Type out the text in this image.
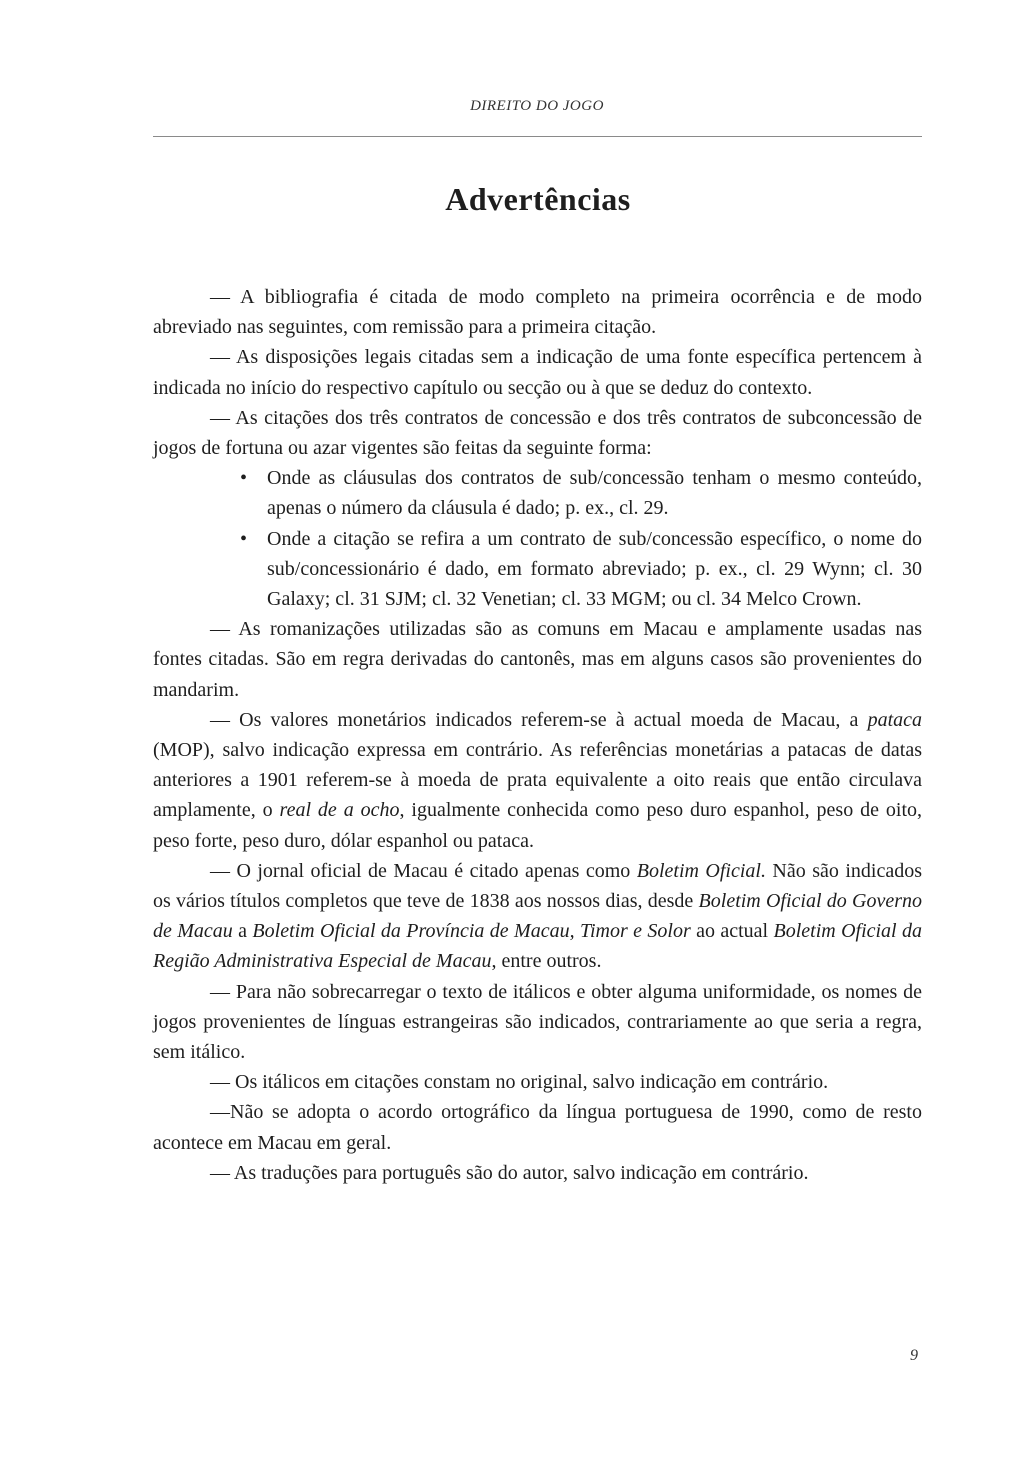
DIREITO DO JOGO
Advertências

— A bibliografia é citada de modo completo na primeira ocorrência e de modo abreviado nas seguintes, com remissão para a primeira citação.

— As disposições legais citadas sem a indicação de uma fonte específica pertencem à indicada no início do respectivo capítulo ou secção ou à que se deduz do contexto.

— As citações dos três contratos de concessão e dos três contratos de subconcessão de jogos de fortuna ou azar vigentes são feitas da seguinte forma:

• Onde as cláusulas dos contratos de sub/concessão tenham o mesmo conteúdo, apenas o número da cláusula é dado; p. ex., cl. 29.
• Onde a citação se refira a um contrato de sub/concessão específico, o nome do sub/concessionário é dado, em formato abreviado; p. ex., cl. 29 Wynn; cl. 30 Galaxy; cl. 31 SJM; cl. 32 Venetian; cl. 33 MGM; ou cl. 34 Melco Crown.

— As romanizações utilizadas são as comuns em Macau e amplamente usadas nas fontes citadas. São em regra derivadas do cantonês, mas em alguns casos são provenientes do mandarim.

— Os valores monetários indicados referem-se à actual moeda de Macau, a pataca (MOP), salvo indicação expressa em contrário. As referências monetárias a patacas de datas anteriores a 1901 referem-se à moeda de prata equivalente a oito reais que então circulava amplamente, o real de a ocho, igualmente conhecida como peso duro espanhol, peso de oito, peso forte, peso duro, dólar espanhol ou pataca.

— O jornal oficial de Macau é citado apenas como Boletim Oficial. Não são indicados os vários títulos completos que teve de 1838 aos nossos dias, desde Boletim Oficial do Governo de Macau a Boletim Oficial da Província de Macau, Timor e Solor ao actual Boletim Oficial da Região Administrativa Especial de Macau, entre outros.

— Para não sobrecarregar o texto de itálicos e obter alguma uniformidade, os nomes de jogos provenientes de línguas estrangeiras são indicados, contrariamente ao que seria a regra, sem itálico.

— Os itálicos em citações constam no original, salvo indicação em contrário.

—Não se adopta o acordo ortográfico da língua portuguesa de 1990, como de resto acontece em Macau em geral.

— As traduções para português são do autor, salvo indicação em contrário.

9
